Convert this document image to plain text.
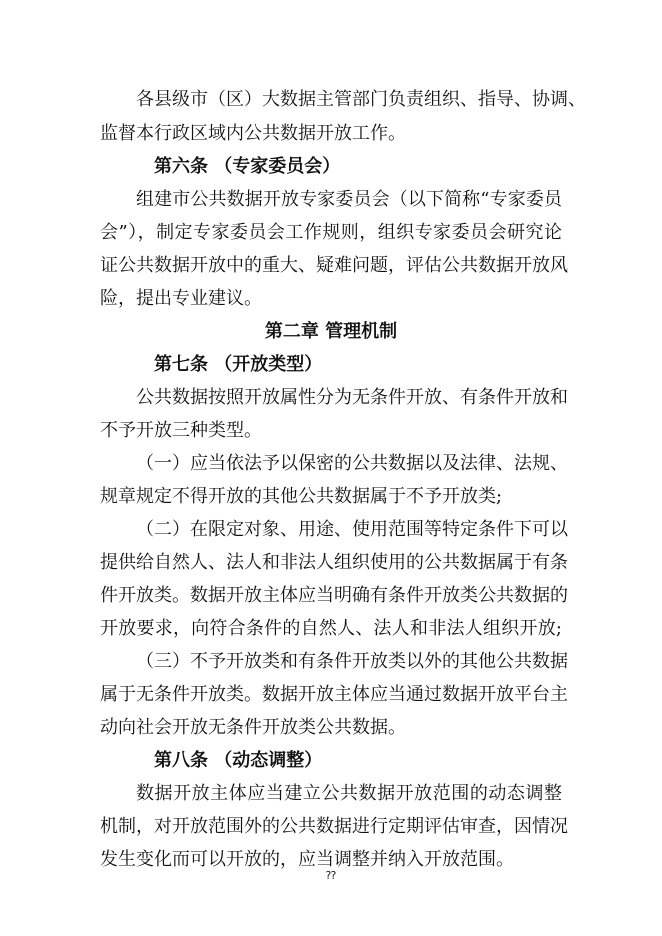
各县级市（区）大数据主管部门负责组织、指导、协调、
监督本行政区域内公共数据开放工作。
第六条 （专家委员会）
组建市公共数据开放专家委员会（以下简称“专家委员
会”），制定专家委员会工作规则，组织专家委员会研究论
证公共数据开放中的重大、疑难问题，评估公共数据开放风
险，提出专业建议。
第二章 管理机制
第七条 （开放类型）
公共数据按照开放属性分为无条件开放、有条件开放和
不予开放三种类型。
（一）应当依法予以保密的公共数据以及法律、法规、
规章规定不得开放的其他公共数据属于不予开放类;
（二）在限定对象、用途、使用范围等特定条件下可以
提供给自然人、法人和非法人组织使用的公共数据属于有条
件开放类。数据开放主体应当明确有条件开放类公共数据的
开放要求，向符合条件的自然人、法人和非法人组织开放;
（三）不予开放类和有条件开放类以外的其他公共数据
属于无条件开放类。数据开放主体应当通过数据开放平台主
动向社会开放无条件开放类公共数据。
第八条 （动态调整）
数据开放主体应当建立公共数据开放范围的动态调整
机制，对开放范围外的公共数据进行定期评估审查，因情况
发生变化而可以开放的，应当调整并纳入开放范围。
⁇
